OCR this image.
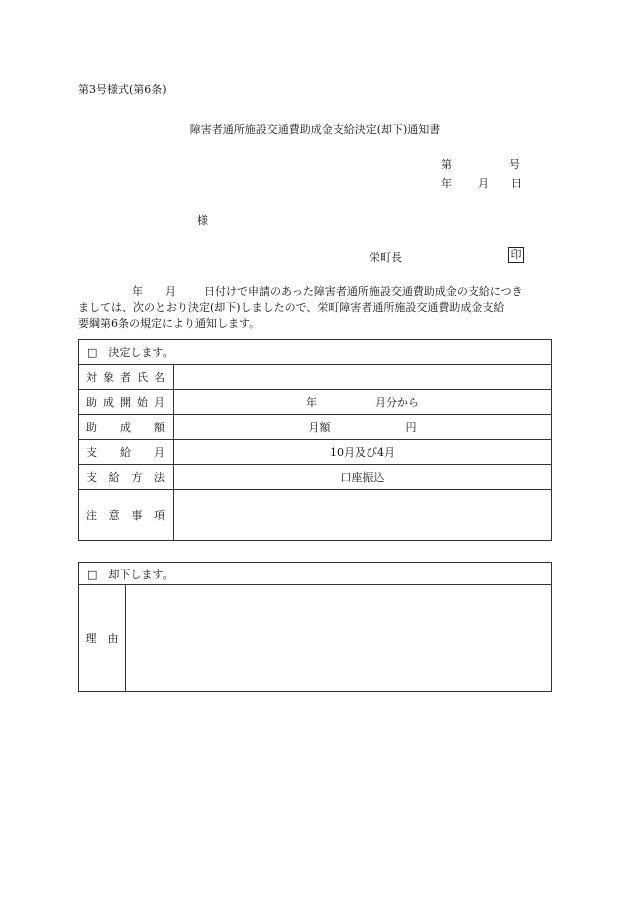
第3号様式(第6条)
障害者通所施設交通費助成金支給決定(却下)通知書
第	号
年 月 日
様
栄町長	印
年 月	日付けで申請のあった障害者通所施設交通費助成金の支給につき
ましては、次のとおり決定(却下)しましたので、栄町障害者通所施設交通費助成金支給
要綱第6条の規定により通知します。
□　決定します。	
対象者氏名	
助成開始月	年 月分から
助成額	月額 円
支給月	10月及び4月
支給方法	口座振込
注意事項	
□　却下します。
理　由	
